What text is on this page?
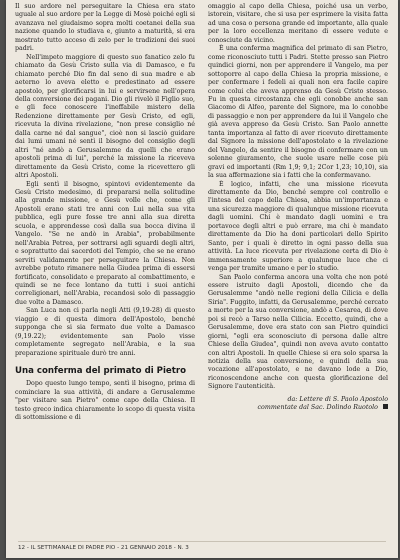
Il suo ardore nel perseguitare la Chiesa era stato uguale al suo ardore per la Legge di Mosè poiché egli si avanzava nel giudaismo sopra molti coetanei della sua nazione quando lo studiava e, giunto a maturità, si era mostrato tutto acceso di zelo per le tradizioni dei suoi padri.

Nell'impeto maggiore di questo suo fanatico zelo fu chiamato da Gesù Cristo sulla via di Damasco, e fu chiamato perché Dio fin dal seno di sua madre e ab aeterno lo aveva eletto e predestinato ad essere apostolo, per glorificarsi in lui e servirsene nell'opera della conversione dei pagani. Dio gli rivelò il Figlio suo, e gli fece conoscere l'ineffabile mistero della Redenzione direttamente per Gesù Cristo, ed egli, ricevuta la divina rivelazione, "non prese consiglio né dalla carne né dal sangue", cioè non si lasciò guidare dai lumi umani né sentì il bisogno del consiglio degli altri "né andò a Gerusalemme da quelli che erano apostoli prima di lui", perché la missione la riceveva direttamente da Gesù Cristo, come la ricevettero gli altri Apostoli.

Egli sentì il bisogno, spintovi evidentemente da Gesù Cristo medesimo, di prepararsi nella solitudine alla grande missione, e Gesù volle che, come gli Apostoli erano stati tre anni con Lui nella sua vita pubblica, egli pure fosse tre anni alla sua diretta scuola, e apprendesse così dalla sua bocca divina il Vangelo. "Se ne andò in Arabia", probabilmente nell'Arabia Petrea, per sottrarsi agli sguardi degli altri, e soprattutto dai sacerdoti del Tempio, che se ne erano serviti validamente per perseguitare la Chiesa. Non avrebbe potuto rimanere nella Giudea prima di essersi fortificato, consolidato e preparato al combattimento, e quindi se ne fece lontano da tutti i suoi antichi correligionari, nell'Arabia, recandosi solo di passaggio due volte a Damasco.

San Luca non ci parla negli Atti (9,19-28) di questo viaggio e di questa dimora dell'Apostolo, benché supponga che si sia fermato due volte a Damasco (9,19.22); evidentemente san Paolo visse completamente segregato nell'Arabia, e la sua preparazione spirituale durò tre anni.

Una conferma del primato di Pietro

Dopo questo lungo tempo, sentì il bisogno, prima di cominciare la sua attività, di andare a Gerusalemme "per visitare san Pietro" come capo della Chiesa. Il testo greco indica chiaramente lo scopo di questa visita di sottomissione e di

omaggio al capo della Chiesa, poiché usa un verbo, istorein, visitare, che si usa per esprimere la visita fatta ad una cosa o persona grande ed importante, alla quale per la loro eccellenza meritano di essere vedute e conosciute da vicino.

È una conferma magnifica del primato di san Pietro, come riconosciuto tutti i Padri. Stette presso san Pietro quindici giorni, non per apprendere il Vangelo, ma per sottoporre al capo della Chiesa la propria missione, e per confermare i fedeli ai quali non era facile capire come colui che aveva apprenso da Gesù Cristo stesso. Fu in questa circostanza che egli conobbe anche san Giacomo di Alfeo, parente del Signore, ma lo conobbe di passaggio e non per apprendere da lui il Vangelo che già aveva appreso da Gesù Cristo. San Paolo annette tanta importanza al fatto di aver ricevuto direttamente dal Signore la missione dell'apostolato e la rivelazione del Vangelo, da sentire il bisogno di confermare con un solenne giuramento, che suole usare nelle cose più gravi ed importanti (Rm 1,9; 9,1; 2Cor 1,23; 10,10), sia la sua affermazione sia i fatti che la confermavano.

È logico, infatti, che una missione ricevuta direttamente da Dio, benché sempre col controllo e l'intesa del capo della Chiesa, abbia un'importanza e una sicurezza maggiore di qualunque missione ricevuta dagli uomini. Chi è mandato dagli uomini e tra portavoce degli altri e può errare, ma chi è mandato direttamente da Dio ha doni particolari dello Spirito Santo, per i quali è diretto in ogni passo della sua attività. La luce ricevuta per rivelazione certa di Dio è immensamente superiore a qualunque luce che ci venga per tramite umano e per lo studio.

San Paolo conferma ancora una volta che non poté essere istruito dagli Apostoli, dicendo che da Gerusalemme "andò nelle regioni della Cilicia e della Siria". Fuggito, infatti, da Gerusalemme, perché cercato a morte per la sua conversione, andò a Cesarea, di dove poi si recò a Tarso nella Cilicia. Eccetto, quindi, che a Gerusalemme, dove era stato con san Pietro quindici giorni, "egli era sconosciuto di persona dalle altre Chiese della Giudea", quindi non aveva avuto contatto con altri Apostoli. In quelle Chiese si era solo sparsa la notizia della sua conversione, e quindi della sua vocazione all'apostolato, e ne davano lode a Dio, riconoscendone anche con questa glorificazione del Signore l'autenticità.

da: Lettere di S. Paolo Apostolo
commentate dal Sac. Dolindo Ruotolo

12 - IL SETTIMANALE DI PADRE PIO - 21 GENNAIO 2018 - N. 3
